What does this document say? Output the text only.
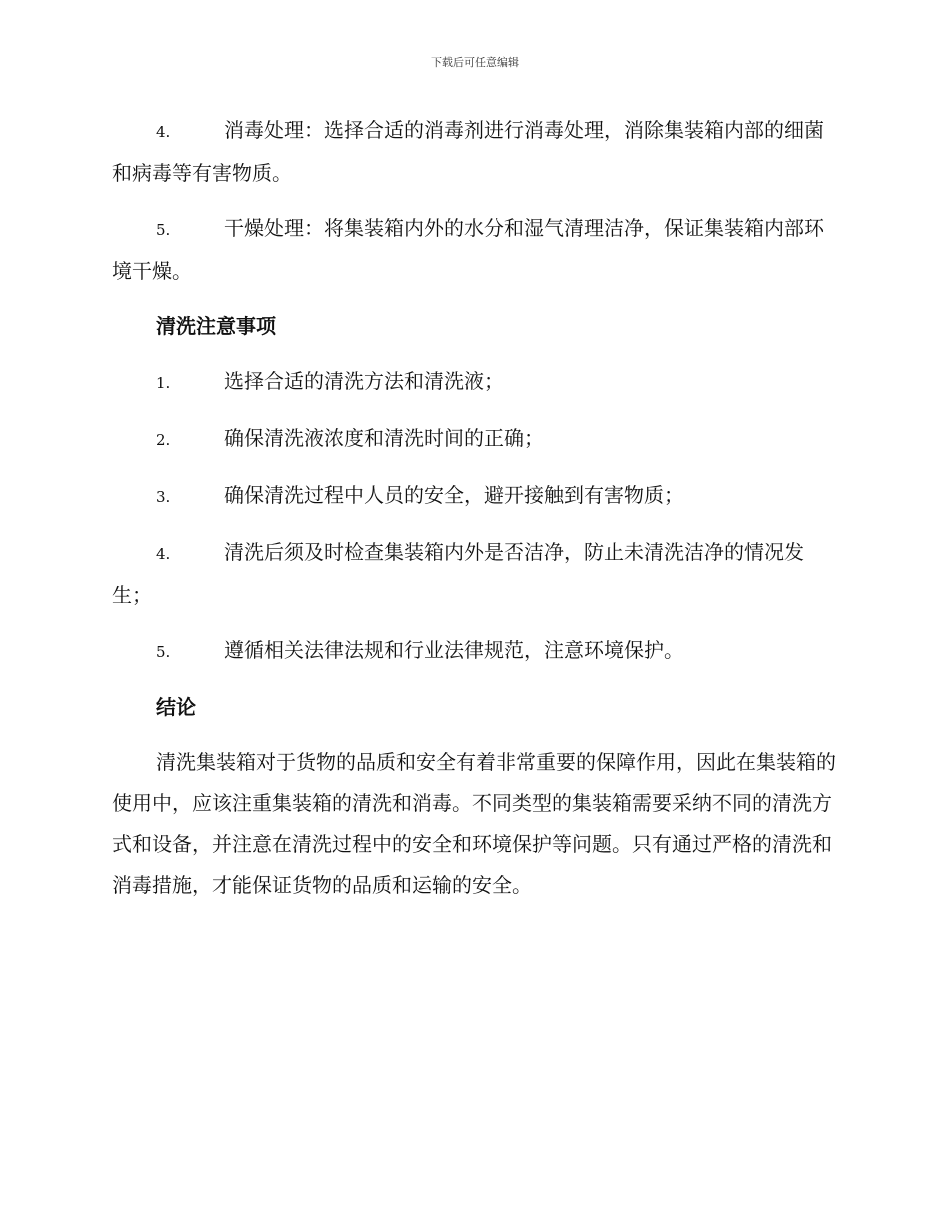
下载后可任意编辑
4.	消毒处理：选择合适的消毒剂进行消毒处理，消除集装箱内部的细菌和病毒等有害物质。
5.	干燥处理：将集装箱内外的水分和湿气清理洁净，保证集装箱内部环境干燥。
清洗注意事项
1.	选择合适的清洗方法和清洗液；
2.	确保清洗液浓度和清洗时间的正确；
3.	确保清洗过程中人员的安全，避开接触到有害物质；
4.	清洗后须及时检查集装箱内外是否洁净，防止未清洗洁净的情况发生；
5.	遵循相关法律法规和行业法律规范，注意环境保护。
结论

清洗集装箱对于货物的品质和安全有着非常重要的保障作用，因此在集装箱的使用中，应该注重集装箱的清洗和消毒。不同类型的集装箱需要采纳不同的清洗方式和设备，并注意在清洗过程中的安全和环境保护等问题。只有通过严格的清洗和消毒措施，才能保证货物的品质和运输的安全。
